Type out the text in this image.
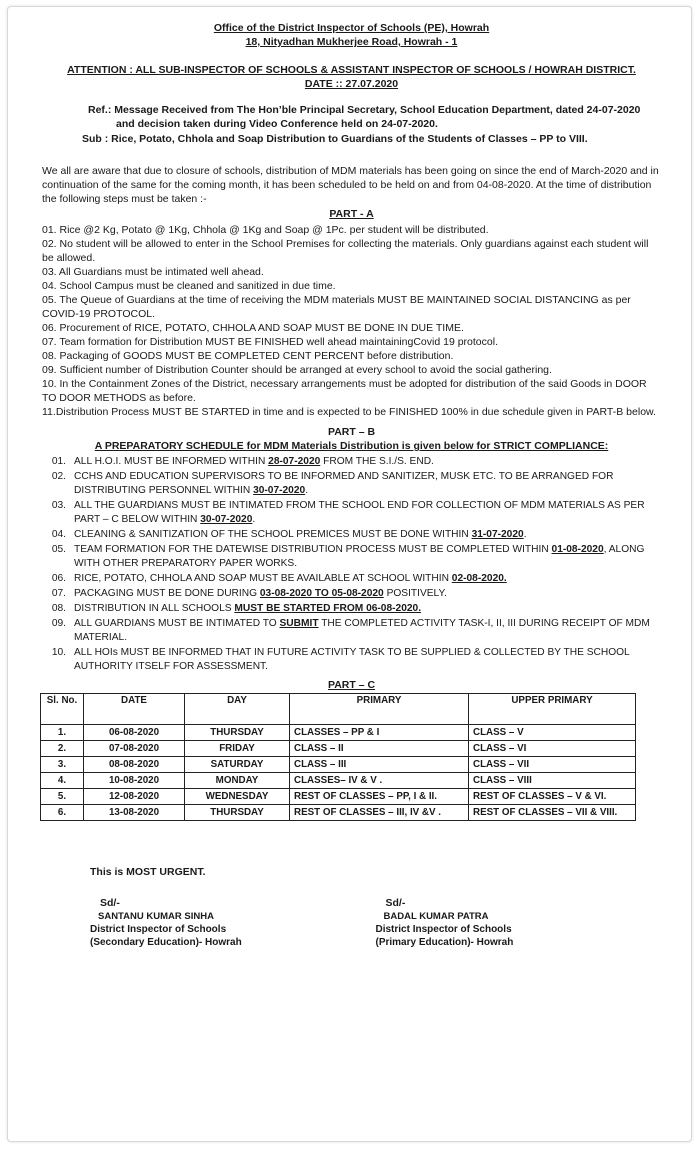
Office of the District Inspector of Schools (PE), Howrah
18, Nityadhan Mukherjee Road, Howrah - 1
ATTENTION : ALL SUB-INSPECTOR OF SCHOOLS & ASSISTANT INSPECTOR OF SCHOOLS / HOWRAH DISTRICT.
DATE :: 27.07.2020
Ref.: Message Received from The Hon’ble Principal Secretary, School Education Department, dated 24-07-2020
and decision taken during Video Conference held on 24-07-2020.
Sub : Rice, Potato, Chhola and Soap Distribution to Guardians of the Students of Classes – PP to VIII.
We all are aware that due to closure of schools, distribution of MDM materials has been going on since the end of March-2020 and in continuation of the same for the coming month, it has been scheduled to be held on and from 04-08-2020. At the time of distribution the following steps must be taken :-
PART - A
01. Rice @2 Kg, Potato @ 1Kg, Chhola @ 1Kg and Soap @ 1Pc. per student will be distributed.
02. No student will be allowed to enter in the School Premises for collecting the materials. Only guardians against each student will be allowed.
03. All Guardians must be intimated well ahead.
04. School Campus must be cleaned and sanitized in due time.
05. The Queue of Guardians at the time of receiving the MDM materials MUST BE MAINTAINED SOCIAL DISTANCING as per COVID-19 PROTOCOL.
06. Procurement of RICE, POTATO, CHHOLA AND SOAP MUST BE DONE IN DUE TIME.
07. Team formation for Distribution MUST BE FINISHED well ahead maintainingCovid 19 protocol.
08. Packaging of GOODS MUST BE COMPLETED CENT PERCENT before distribution.
09. Sufficient number of Distribution Counter should be arranged at every school to avoid the social gathering.
10. In the Containment Zones of the District, necessary arrangements must be adopted for distribution of the said Goods in DOOR TO DOOR METHODS as before.
11.Distribution Process MUST BE STARTED in time and is expected to be FINISHED 100% in due schedule given in PART-B below.
PART – B
A PREPARATORY SCHEDULE for MDM Materials Distribution is given below for STRICT COMPLIANCE:
01. ALL H.O.I. MUST BE INFORMED WITHIN 28-07-2020 FROM THE S.I./S. END.
02. CCHS AND EDUCATION SUPERVISORS TO BE INFORMED AND SANITIZER, MUSK ETC. TO BE ARRANGED FOR DISTRIBUTING PERSONNEL WITHIN 30-07-2020.
03. ALL THE GUARDIANS MUST BE INTIMATED FROM THE SCHOOL END FOR COLLECTION OF MDM MATERIALS AS PER PART – C BELOW WITHIN 30-07-2020.
04. CLEANING & SANITIZATION OF THE SCHOOL PREMICES MUST BE DONE WITHIN 31-07-2020.
05. TEAM FORMATION FOR THE DATEWISE DISTRIBUTION PROCESS MUST BE COMPLETED WITHIN 01-08-2020, ALONG WITH OTHER PREPARATORY PAPER WORKS.
06. RICE, POTATO, CHHOLA AND SOAP MUST BE AVAILABLE AT SCHOOL WITHIN 02-08-2020.
07. PACKAGING MUST BE DONE DURING 03-08-2020 TO 05-08-2020 POSITIVELY.
08. DISTRIBUTION IN ALL SCHOOLS MUST BE STARTED FROM 06-08-2020.
09. ALL GUARDIANS MUST BE INTIMATED TO SUBMIT THE COMPLETED ACTIVITY TASK-I, II, III DURING RECEIPT OF MDM MATERIAL.
10. ALL HOIs MUST BE INFORMED THAT IN FUTURE ACTIVITY TASK TO BE SUPPLIED & COLLECTED BY THE SCHOOL AUTHORITY ITSELF FOR ASSESSMENT.
PART – C
Sl. No.	DATE	DAY	PRIMARY	UPPER PRIMARY
1.	06-08-2020	THURSDAY	CLASSES – PP & I	CLASS – V
2.	07-08-2020	FRIDAY	CLASS – II	CLASS – VI
3.	08-08-2020	SATURDAY	CLASS – III	CLASS – VII
4.	10-08-2020	MONDAY	CLASSES– IV & V .	CLASS – VIII
5.	12-08-2020	WEDNESDAY	REST OF CLASSES – PP, I & II.	REST OF CLASSES – V & VI.
6.	13-08-2020	THURSDAY	REST OF CLASSES – III, IV &V .	REST OF CLASSES – VII & VIII.
This is MOST URGENT.
Sd/-
SANTANU KUMAR SINHA
District Inspector of Schools
(Secondary Education)- Howrah
Sd/-
BADAL KUMAR PATRA
District Inspector of Schools
(Primary Education)- Howrah
